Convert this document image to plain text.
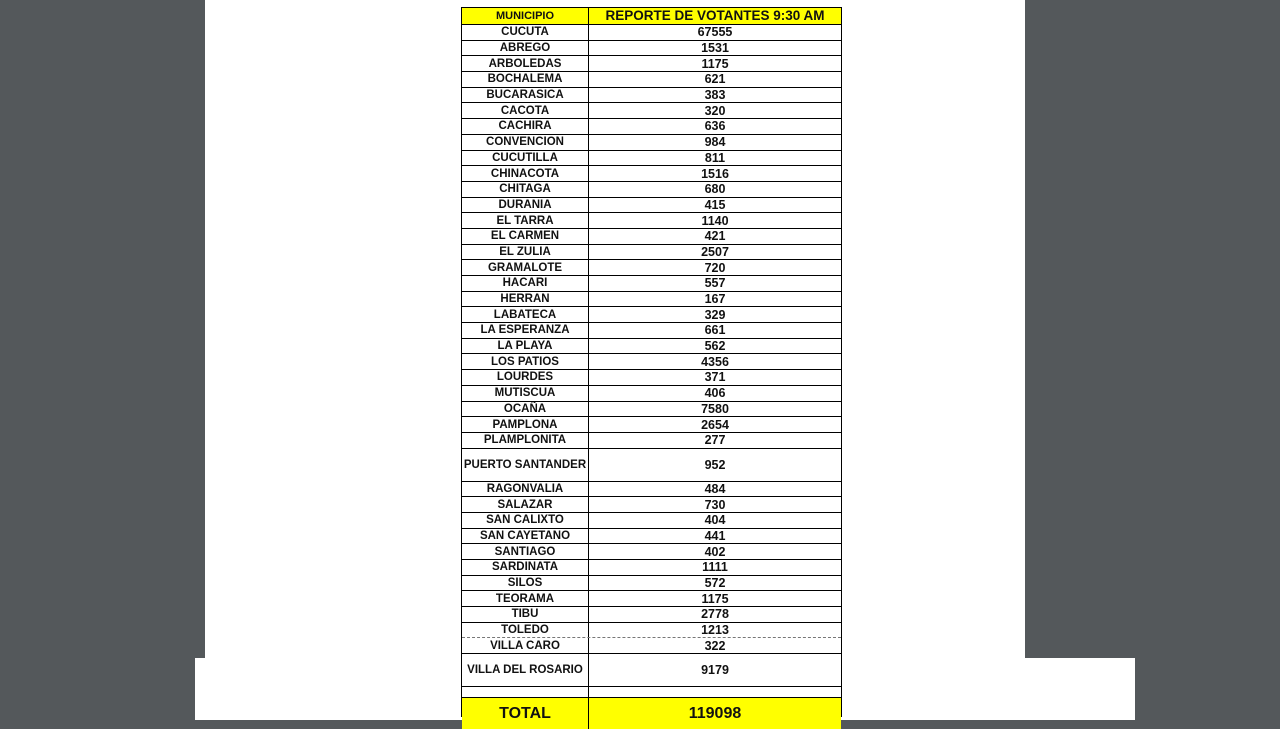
MUNICIPIO	REPORTE DE VOTANTES 9:30 AM
CUCUTA	67555
ABREGO	1531
ARBOLEDAS	1175
BOCHALEMA	621
BUCARASICA	383
CACOTA	320
CACHIRA	636
CONVENCION	984
CUCUTILLA	811
CHINACOTA	1516
CHITAGA	680
DURANIA	415
EL TARRA	1140
EL CARMEN	421
EL ZULIA	2507
GRAMALOTE	720
HACARI	557
HERRAN	167
LABATECA	329
LA ESPERANZA	661
LA PLAYA	562
LOS PATIOS	4356
LOURDES	371
MUTISCUA	406
OCAÑA	7580
PAMPLONA	2654
PLAMPLONITA	277
PUERTO SANTANDER	952
RAGONVALIA	484
SALAZAR	730
SAN CALIXTO	404
SAN CAYETANO	441
SANTIAGO	402
SARDINATA	1111
SILOS	572
TEORAMA	1175
TIBU	2778
TOLEDO	1213
VILLA CARO	322
VILLA DEL ROSARIO	9179
TOTAL	119098
